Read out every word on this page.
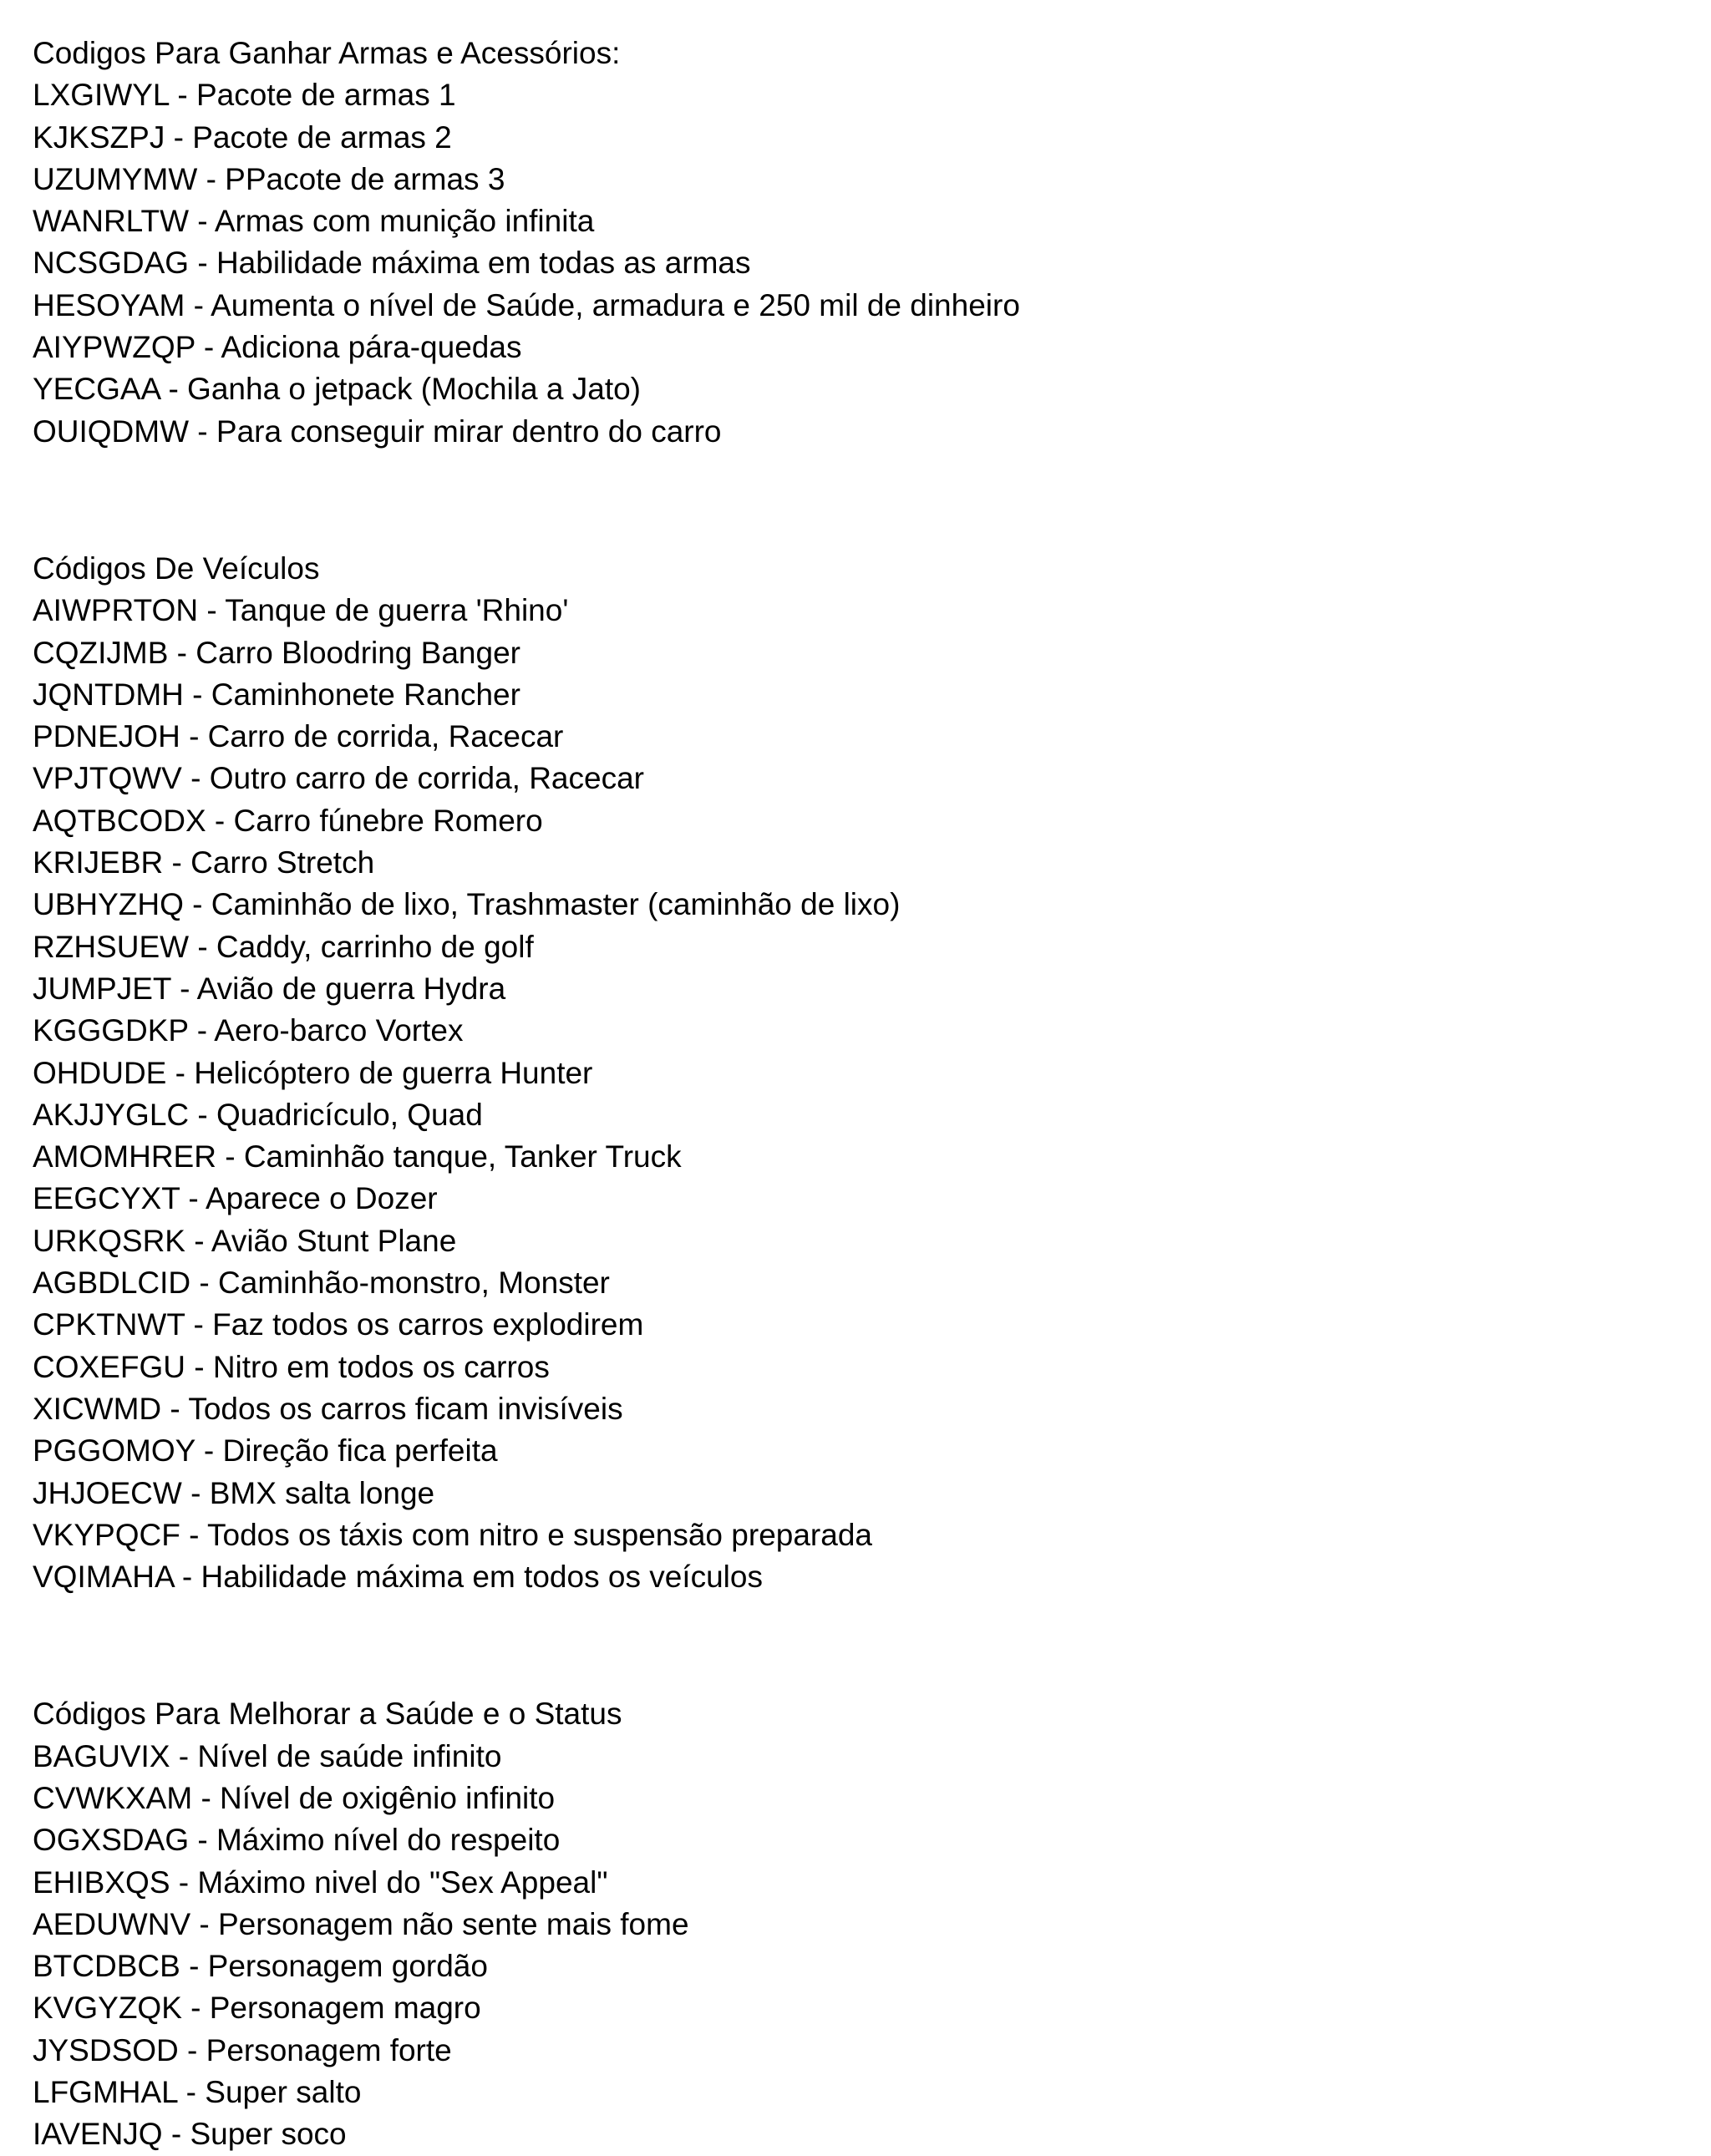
Codigos Para Ganhar Armas e Acessórios:

LXGIWYL - Pacote de armas 1

KJKSZPJ - Pacote de armas 2

UZUMYMW - PPacote de armas 3

WANRLTW - Armas com munição infinita

NCSGDAG - Habilidade máxima em todas as armas

HESOYAM - Aumenta o nível de Saúde, armadura e 250 mil de dinheiro

AIYPWZQP - Adiciona pára-quedas

YECGAA - Ganha o jetpack (Mochila a Jato)

OUIQDMW - Para conseguir mirar dentro do carro

Códigos De Veículos

AIWPRTON - Tanque de guerra 'Rhino'

CQZIJMB - Carro Bloodring Banger

JQNTDMH - Caminhonete Rancher

PDNEJOH - Carro de corrida, Racecar

VPJTQWV - Outro carro de corrida, Racecar

AQTBCODX - Carro fúnebre Romero

KRIJEBR - Carro Stretch

UBHYZHQ - Caminhão de lixo, Trashmaster (caminhão de lixo)

RZHSUEW - Caddy, carrinho de golf

JUMPJET - Avião de guerra Hydra

KGGGDKP - Aero-barco Vortex

OHDUDE - Helicóptero de guerra Hunter

AKJJYGLC - Quadricículo, Quad

AMOMHRER - Caminhão tanque, Tanker Truck

EEGCYXT - Aparece o Dozer

URKQSRK - Avião Stunt Plane

AGBDLCID - Caminhão-monstro, Monster

CPKTNWT - Faz todos os carros explodirem

COXEFGU - Nitro em todos os carros

XICWMD - Todos os carros ficam invisíveis

PGGOMOY - Direção fica perfeita

JHJOECW - BMX salta longe

VKYPQCF - Todos os táxis com nitro e suspensão preparada

VQIMAHA - Habilidade máxima em todos os veículos

Códigos Para Melhorar a Saúde e o Status

BAGUVIX - Nível de saúde infinito

CVWKXAM - Nível de oxigênio infinito

OGXSDAG - Máximo nível do respeito

EHIBXQS - Máximo nivel do "Sex Appeal"

AEDUWNV - Personagem não sente mais fome

BTCDBCB - Personagem gordão

KVGYZQK - Personagem magro

JYSDSOD - Personagem forte

LFGMHAL - Super salto

IAVENJQ - Super soco
